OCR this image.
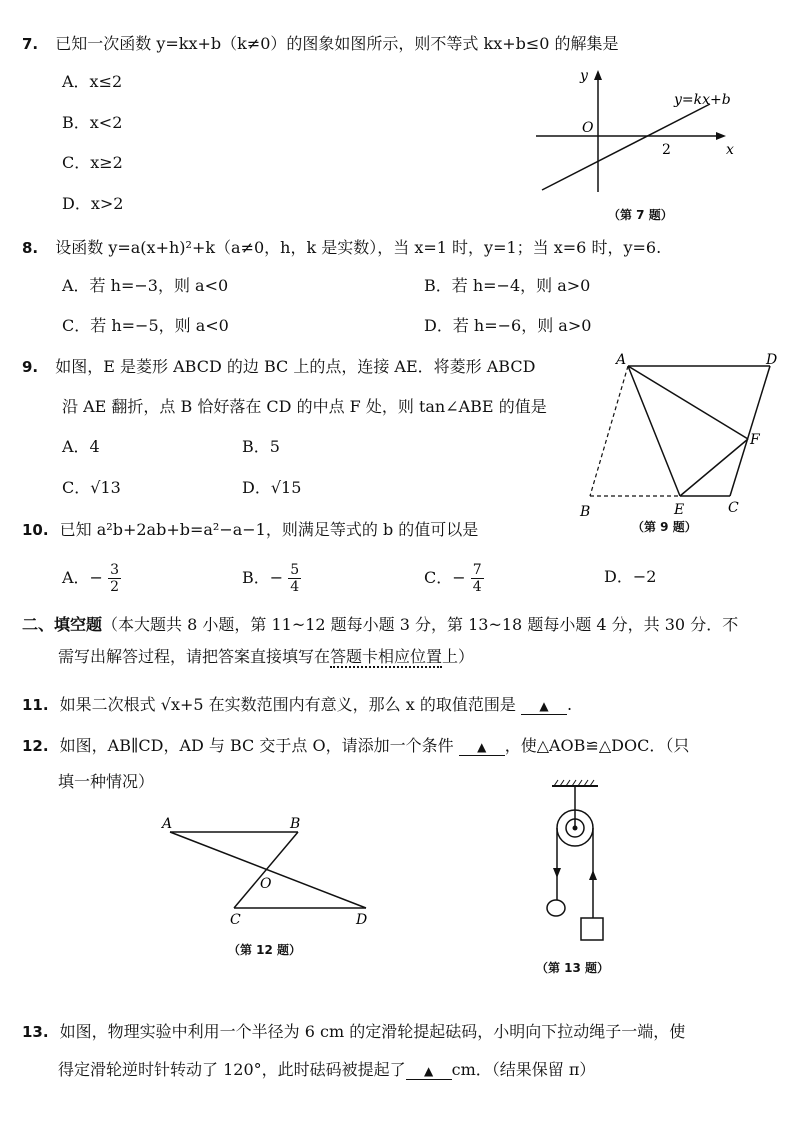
7. 已知一次函数 y=kx+b（k≠0）的图象如图所示，则不等式 kx+b≤0 的解集是
A．x≤2
B．x<2
C．x≥2
D．x>2
y
x
O
2
y=kx+b
（第 7 题）
8. 设函数 y=a(x+h)²+k（a≠0，h，k 是实数），当 x=1 时，y=1；当 x=6 时，y=6.
A．若 h=−3，则 a<0	B．若 h=−4，则 a>0
C．若 h=−5，则 a<0	D．若 h=−6，则 a>0
9. 如图，E 是菱形 ABCD 的边 BC 上的点，连接 AE．将菱形 ABCD
沿 AE 翻折，点 B 恰好落在 CD 的中点 F 处，则 tan∠ABE 的值是
A．4	B．5
C．√13	D．√15
A	D
F
B	E	C
（第 9 题）
10. 已知 a²b+2ab+b=a²−a−1，则满足等式的 b 的值可以是
A．− $\frac{3}{2}$	B．− $\frac{5}{4}$	C．− $\frac{7}{4}$	D．−2
二、填空题（本大题共 8 小题，第 11~12 题每小题 3 分，第 13~18 题每小题 4 分，共 30 分．不
需写出解答过程，请把答案直接填写在答题卡相应位置上）
11. 如果二次根式 √x+5 在实数范围内有意义，那么 x 的取值范围是 ▲ .
12. 如图，AB∥CD，AD 与 BC 交于点 O，请添加一个条件 ▲ ，使△AOB≌△DOC．（只
填一种情况）
A	B
O
C	D
（第 12 题）
（第 13 题）
13. 如图，物理实验中利用一个半径为 6 cm 的定滑轮提起砝码，小明向下拉动绳子一端，使
得定滑轮逆时针转动了 120°，此时砝码被提起了 ▲ cm．（结果保留 π）
